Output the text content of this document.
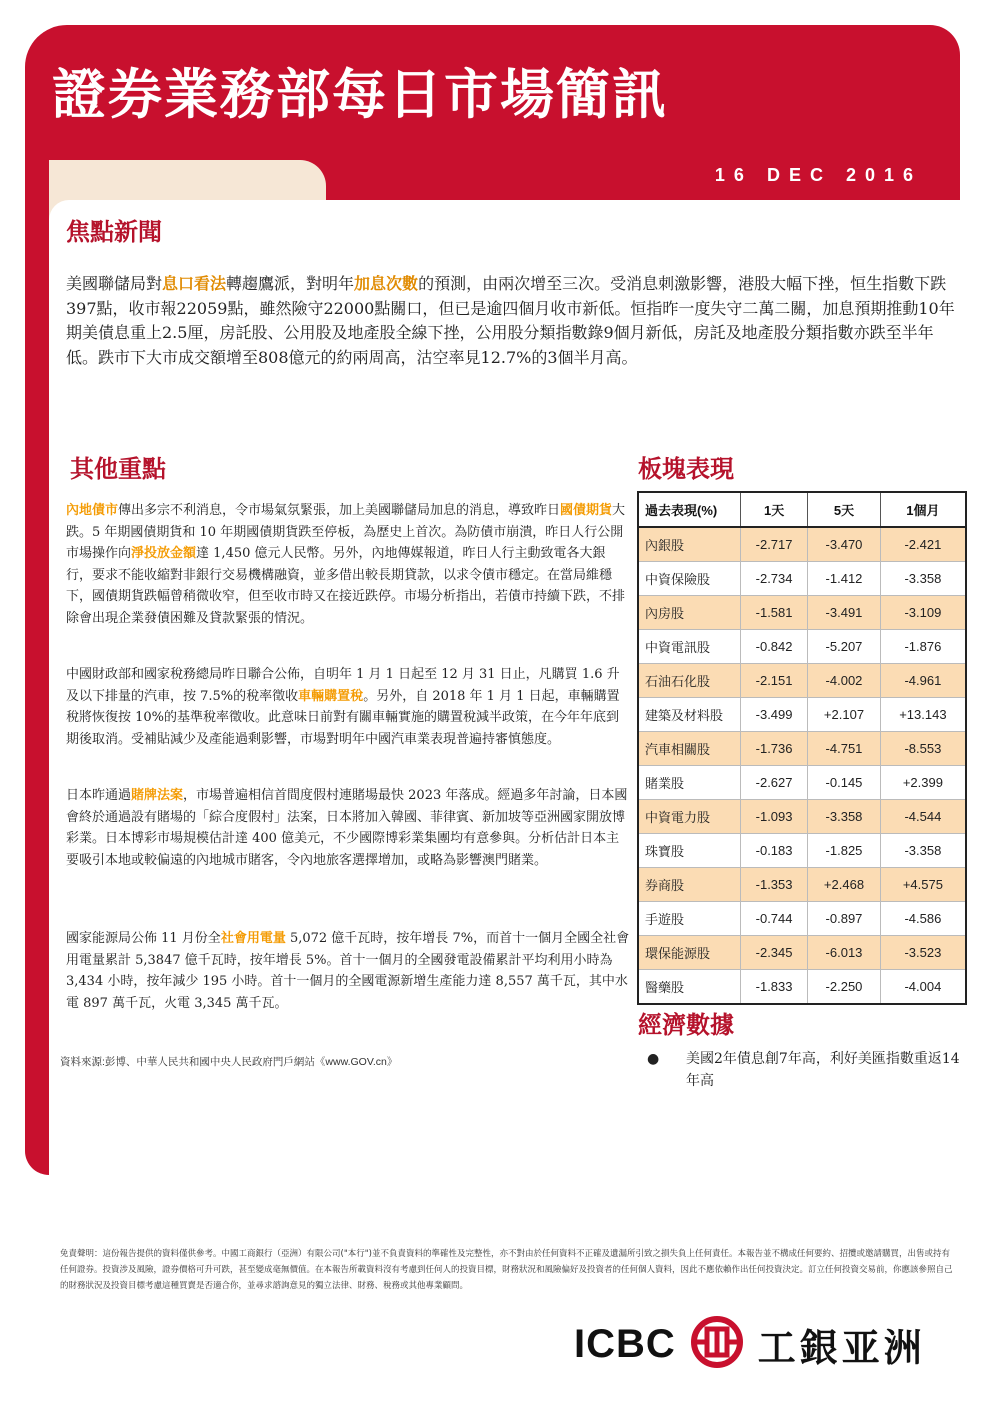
證券業務部每日市場簡訊
16 DEC 2016
焦點新聞
美國聯儲局對息口看法轉趨鷹派，對明年加息次數的預測，由兩次增至三次。受消息刺激影響，港股大幅下挫，恒生指數下跌397點，收市報22059點，雖然險守22000點關口，但已是逾四個月收市新低。恒指昨一度失守二萬二關，加息預期推動10年期美債息重上2.5厘，房託股、公用股及地產股全線下挫，公用股分類指數錄9個月新低，房託及地產股分類指數亦跌至半年低。跌市下大市成交額增至808億元的約兩周高，沽空率見12.7%的3個半月高。
其他重點
內地債市傳出多宗不利消息，令市場氣氛緊張，加上美國聯儲局加息的消息，導致昨日國債期貨大跌。5 年期國債期貨和 10 年期國債期貨跌至停板，為歷史上首次。為防債市崩潰，昨日人行公開市場操作向淨投放金額達 1,450 億元人民幣。另外，內地傳媒報道，昨日人行主動致電各大銀行，要求不能收縮對非銀行交易機構融資，並多借出較長期貸款，以求令債市穩定。在當局維穩下，國債期貨跌幅曾稍微收窄，但至收市時又在接近跌停。市場分析指出，若債市持續下跌，不排除會出現企業發債困難及貸款緊張的情況。
中國財政部和國家稅務總局昨日聯合公佈，自明年 1 月 1 日起至 12 月 31 日止，凡購買 1.6 升及以下排量的汽車，按 7.5%的稅率徵收車輛購置稅。另外，自 2018 年 1 月 1 日起，車輛購置稅將恢復按 10%的基準稅率徵收。此意味日前對有關車輛實施的購置稅減半政策，在今年年底到期後取消。受補貼減少及產能過剩影響，市場對明年中國汽車業表現普遍持審慎態度。
日本昨通過賭牌法案，市場普遍相信首間度假村連賭場最快 2023 年落成。經過多年討論，日本國會終於通過設有賭場的「綜合度假村」法案，日本將加入韓國、菲律賓、新加坡等亞洲國家開放博彩業。日本博彩市場規模估計達 400 億美元，不少國際博彩業集團均有意參與。分析估計日本主要吸引本地或較偏遠的內地城市賭客，令內地旅客選擇增加，或略為影響澳門賭業。
國家能源局公佈 11 月份全社會用電量 5,072 億千瓦時，按年增長 7%，而首十一個月全國全社會用電量累計 5,3847 億千瓦時，按年增長 5%。首十一個月的全國發電設備累計平均利用小時為 3,434 小時，按年減少 195 小時。首十一個月的全國電源新增生產能力達 8,557 萬千瓦，其中水電 897 萬千瓦，火電 3,345 萬千瓦。
資料來源:彭博、中華人民共和國中央人民政府門戶網站《www.GOV.cn》
板塊表現
過去表現(%)	1天	5天	1個月
內銀股	-2.717	-3.470	-2.421
中資保險股	-2.734	-1.412	-3.358
內房股	-1.581	-3.491	-3.109
中資電訊股	-0.842	-5.207	-1.876
石油石化股	-2.151	-4.002	-4.961
建築及材料股	-3.499	+2.107	+13.143
汽車相關股	-1.736	-4.751	-8.553
賭業股	-2.627	-0.145	+2.399
中資電力股	-1.093	-3.358	-4.544
珠寶股	-0.183	-1.825	-3.358
券商股	-1.353	+2.468	+4.575
手遊股	-0.744	-0.897	-4.586
環保能源股	-2.345	-6.013	-3.523
醫藥股	-1.833	-2.250	-4.004
經濟數據
●	美國2年債息創7年高，利好美匯指數重返14年高
免責聲明：這份報告提供的資料僅供參考。中國工商銀行（亞洲）有限公司("本行")並不負責資料的準確性及完整性，亦不對由於任何資料不正確及遺漏所引致之損失負上任何責任。本報告並不構成任何要約、招攬或邀請購買，出售或持有任何證券。投資涉及風險，證券價格可升可跌，甚至變成毫無價值。在本報告所載資料沒有考慮到任何人的投資目標，財務狀況和風險偏好及投資者的任何個人資料，因此不應依賴作出任何投資決定。訂立任何投資交易前，你應該參照自己的財務狀況及投資目標考慮這種買賣是否適合你，並尋求諮詢意見的獨立法律、財務、稅務或其他專業顧問。
ICBC 工銀亚洲
